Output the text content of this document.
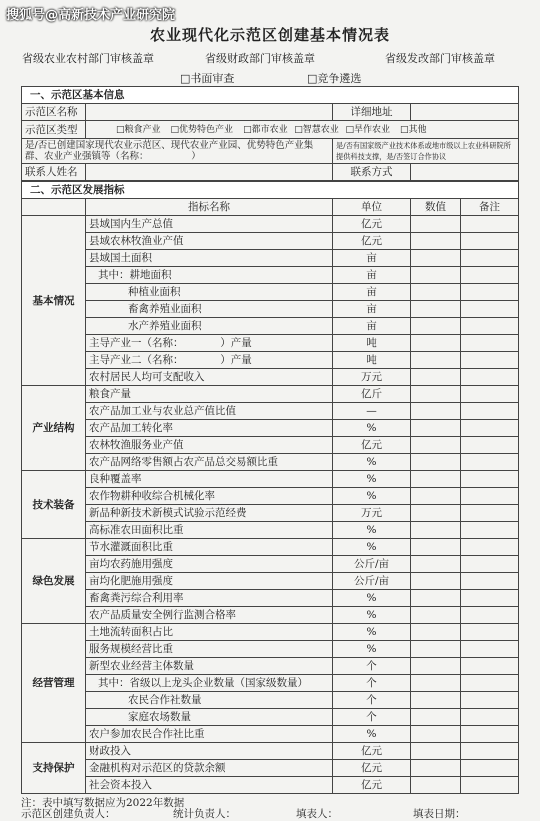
搜狐号@高新技术产业研究院
农业现代化示范区创建基本情况表
省级农业农村部门审核盖章	省级财政部门审核盖章	省级发改部门审核盖章
□书面审查	□竞争遴选
一、示范区基本信息			
示范区名称		详细地址	
示范区类型	□粮食产业 □优势特色产业 □都市农业 □智慧农业 □旱作农业 □其他		
是/否已创建国家现代农业示范区、现代农业产业园、优势特色产业集群、农业产业强镇等（名称：　　　　　）		是/否有国家级产业技术体系或地市级以上农业科研院所提供科技支撑，是/否签订合作协议	
联系人姓名		联系方式	
二、示范区发展指标				
	指标名称	单位	数值	备注
基本情况	县域国内生产总值	亿元		
	县域农林牧渔业产值	亿元		
	县域国土面积	亩		
	其中：耕地面积	亩		
	种植业面积	亩		
	畜禽养殖业面积	亩		
	水产养殖业面积	亩		
	主导产业一（名称：　　　　）产量	吨		
	主导产业二（名称：　　　　）产量	吨		
	农村居民人均可支配收入	万元		
产业结构	粮食产量	亿斤		
	农产品加工业与农业总产值比值	—		
	农产品加工转化率	%		
	农林牧渔服务业产值	亿元		
	农产品网络零售额占农产品总交易额比重	%		
技术装备	良种覆盖率	%		
	农作物耕种收综合机械化率	%		
	新品种新技术新模式试验示范经费	万元		
	高标准农田面积比重	%		
绿色发展	节水灌溉面积比重	%		
	亩均农药施用强度	公斤/亩		
	亩均化肥施用强度	公斤/亩		
	畜禽粪污综合利用率	%		
	农产品质量安全例行监测合格率	%		
经营管理	土地流转面积占比	%		
	服务规模经营比重	%		
	新型农业经营主体数量	个		
	其中：省级以上龙头企业数量（国家级数量）	个		
	农民合作社数量	个		
	家庭农场数量	个		
	农户参加农民合作社比重	%		
支持保护	财政投入	亿元		
	金融机构对示范区的贷款余额	亿元		
	社会资本投入	亿元		
注：表中填写数据应为2022年数据
示范区创建负责人：	统计负责人：	填表人：	填表日期：
